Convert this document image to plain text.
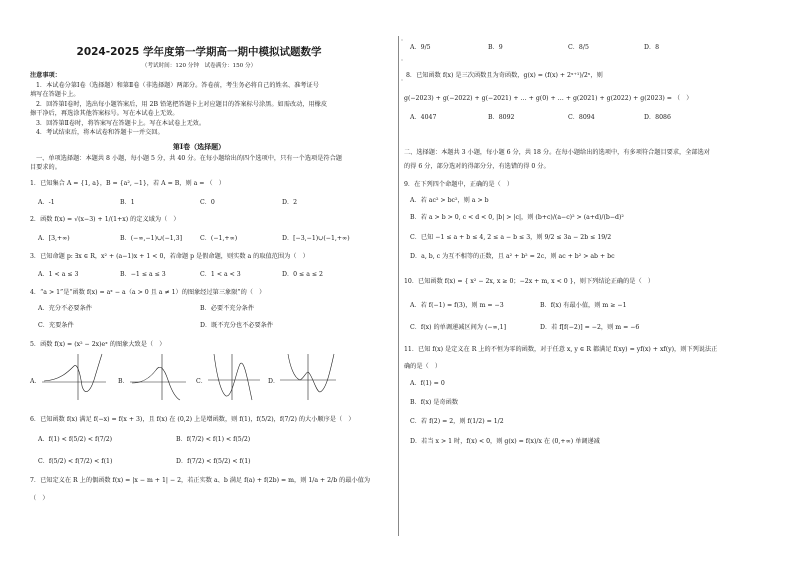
2024-2025 学年度第一学期高一期中模拟试题数学
（考试时间：120 分钟　试卷满分：150 分）
注意事项：
1．本试卷分第Ⅰ卷（选择题）和第Ⅱ卷（非选择题）两部分。答卷前，考生务必将自己的姓名、准考证号
填写在答题卡上。
2．回答第Ⅰ卷时，选出每小题答案后，用 2B 铅笔把答题卡上对应题目的答案标号涂黑。如需改动，用橡皮
擦干净后，再选涂其他答案标号。写在本试卷上无效。
3．回答第Ⅱ卷时，将答案写在答题卡上。写在本试卷上无效。
4．考试结束后，将本试卷和答题卡一并交回。
第Ⅰ卷（选择题）
一、单项选择题：本题共 8 小题，每小题 5 分，共 40 分。在每小题给出的四个选项中，只有一个选项是符合题
目要求的。
1．已知集合 A = {1, a}，B = {a², −1}，若 A = B，则 a = （　）
A．-1	B．1	C．0	D．2
2．函数 f(x) = √(x−3) + 1/(1+x) 的定义域为（　）
A．[3,+∞)	B．(−∞,−1)∪(−1,3]	C．(−1,+∞)	D．[−3,−1)∪(−1,+∞)
3．已知命题 p: ∃x ∈ R，x² + (a−1)x + 1 < 0，若命题 p 是假命题，则实数 a 的取值范围为（　）
A．1 < a ≤ 3	B．−1 ≤ a ≤ 3	C．1 < a < 3	D．0 ≤ a ≤ 2
4．“a > 1”是“函数 f(x) = aˣ − a（a > 0 且 a ≠ 1）的图象经过第三象限”的（　）
A．充分不必要条件	B．必要不充分条件
C．充要条件	D．既不充分也不必要条件
5．函数 f(x) = (x² − 2x)eˣ 的图象大致是（　）
A．	B．	C．	D．
6．已知函数 f(x) 满足 f(−x) = f(x + 3)，且 f(x) 在 (0,2) 上是增函数，则 f(1)，f(5/2)，f(7/2) 的大小顺序是（　）
A．f(1) < f(5/2) < f(7/2)	B．f(7/2) < f(1) < f(5/2)
C．f(5/2) < f(7/2) < f(1)	D．f(7/2) < f(5/2) < f(1)
7．已知定义在 R 上的偶函数 f(x) = |x − m + 1| − 2，若正实数 a、b 满足 f(a) + f(2b) = m，则 1/a + 2/b 的最小值为
（　）
A．9/5	B．9	C．8/5	D．8
8．已知函数 f(x) 是三次函数且为奇函数，g(x) = (f(x) + 2ˣ⁺¹)/2ˣ，则
g(−2023) + g(−2022) + g(−2021) + … + g(0) + … + g(2021) + g(2022) + g(2023) = （　）
A．4047	B．8092	C．8094	D．8086
二、选择题：本题共 3 小题，每小题 6 分，共 18 分。在每小题给出的选项中，有多项符合题目要求，全部选对
的得 6 分，部分选对的得部分分，有选错的得 0 分。
9．在下列四个命题中，正确的是（　）
A．若 ac² > bc²，则 a > b
B．若 a > b > 0, c < d < 0, |b| > |c|，则 (b+c)/(a−c)² > (a+d)/(b−d)²
C．已知 −1 ≤ a + b ≤ 4, 2 ≤ a − b ≤ 3，则 9/2 ≤ 3a − 2b ≤ 19/2
D．a, b, c 为互不相等的正数，且 a² + b² = 2c，则 ac + b² > ab + bc
10．已知函数 f(x) = { x² − 2x, x ≥ 0；−2x + m, x < 0 }，则下列结论正确的是（　）
A．若 f(−1) = f(3)，则 m = −3	B．f(x) 有最小值，则 m ≥ −1
C．f(x) 的单调递减区间为 (−∞,1]	D．若 f[f(−2)] = −2，则 m = −6
11．已知 f(x) 是定义在 R 上的不恒为零的函数，对于任意 x, y ∈ R 都满足 f(xy) = yf(x) + xf(y)，则下列说法正
确的是（　）
A．f(1) = 0
B．f(x) 是奇函数
C．若 f(2) = 2，则 f(1/2) = 1/2
D．若当 x > 1 时，f(x) < 0，则 g(x) = f(x)/x 在 (0,+∞) 单调递减
